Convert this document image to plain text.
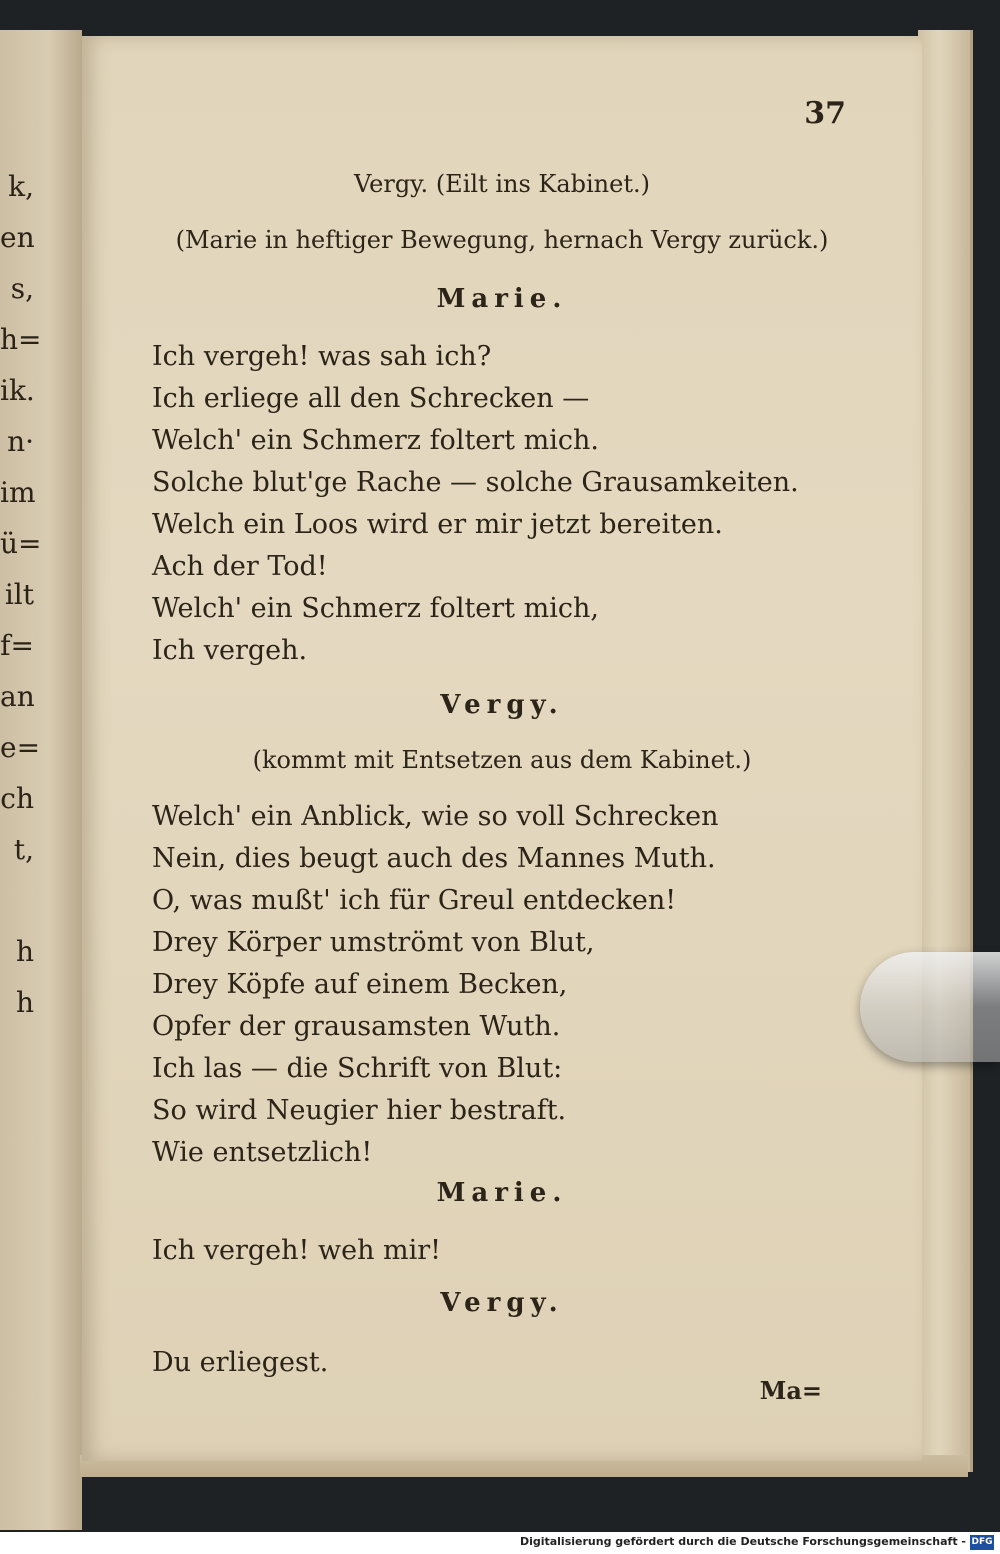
k,
en
s,
h=
ik.
n·
im
ü=
ilt
f=
an
e=
ch
t,
h
h
37
Vergy. (Eilt ins Kabinet.)
(Marie in heftiger Bewegung, hernach Vergy zurück.)
Marie.
Ich vergeh! was sah ich?
Ich erliege all den Schrecken —
Welch' ein Schmerz foltert mich.
Solche blut'ge Rache — solche Grausamkeiten.
Welch ein Loos wird er mir jetzt bereiten.
Ach der Tod!
Welch' ein Schmerz foltert mich,
Ich vergeh.
Vergy.
(kommt mit Entsetzen aus dem Kabinet.)
Welch' ein Anblick, wie so voll Schrecken
Nein, dies beugt auch des Mannes Muth.
O, was mußt' ich für Greul entdecken!
Drey Körper umströmt von Blut,
Drey Köpfe auf einem Becken,
Opfer der grausamsten Wuth.
Ich las — die Schrift von Blut:
So wird Neugier hier bestraft.
Wie entsetzlich!
Marie.
Ich vergeh! weh mir!
Vergy.
Du erliegest.
Ma=
Digitalisierung gefördert durch die Deutsche Forschungsgemeinschaft - DFG
